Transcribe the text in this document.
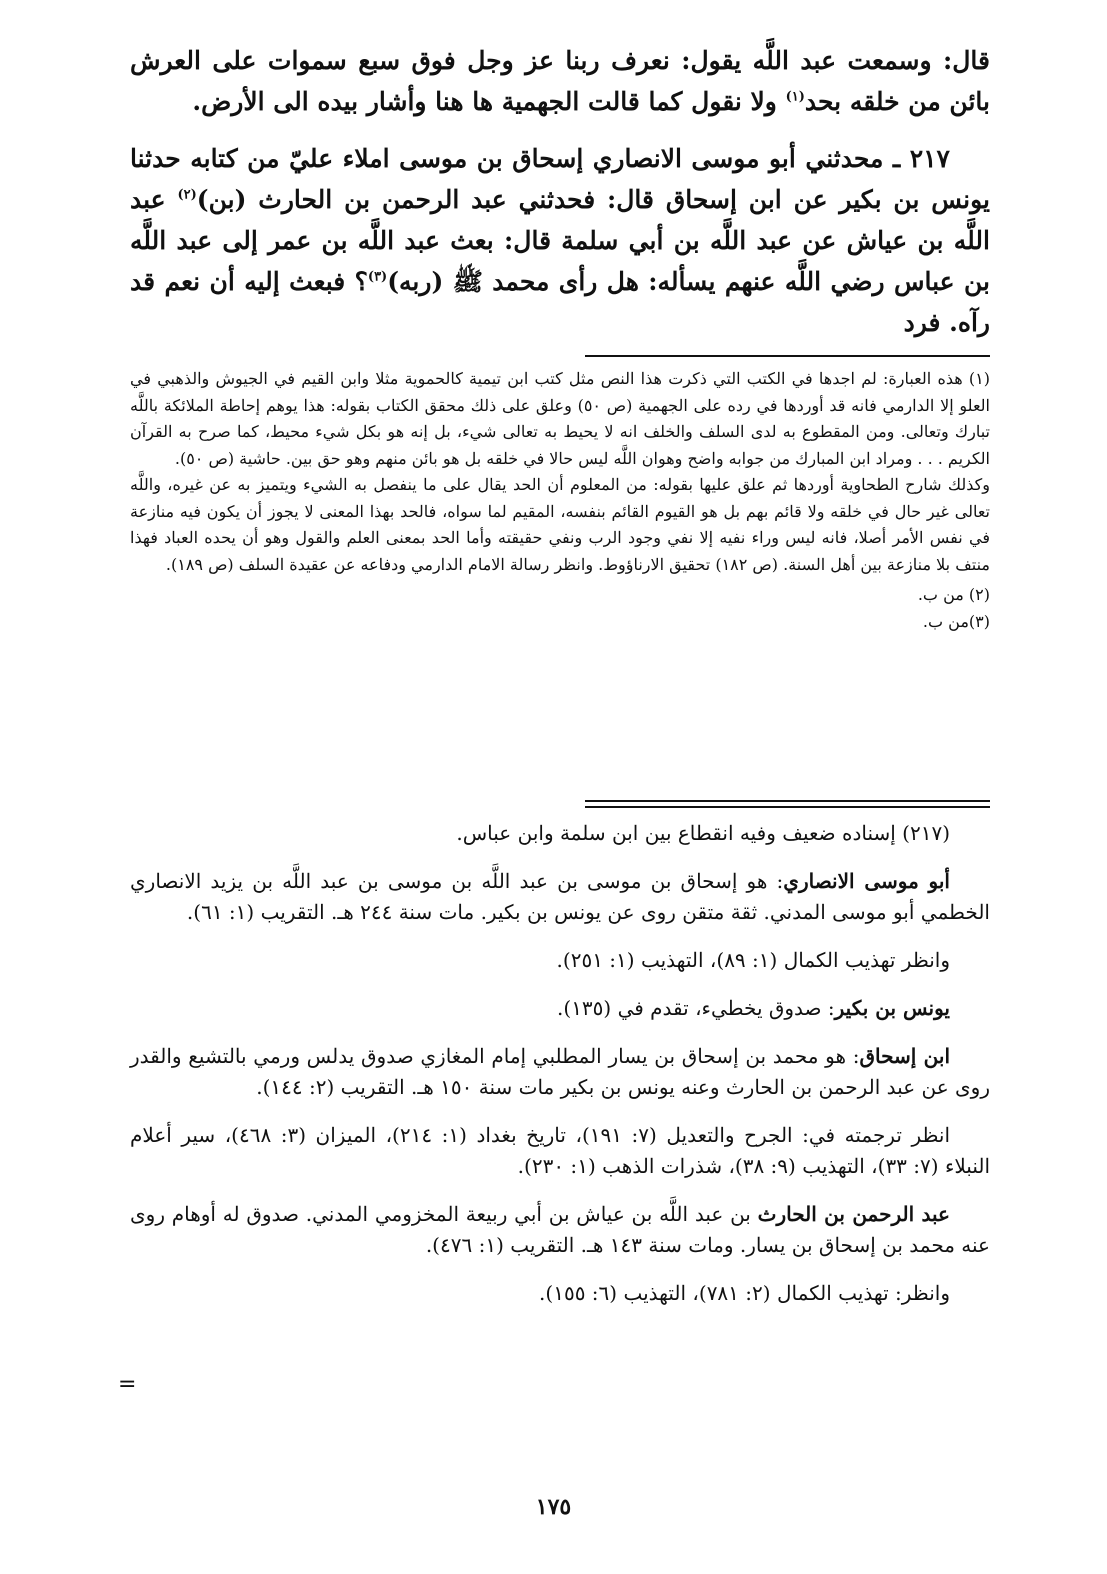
قال: وسمعت عبد اللَّه يقول: نعرف ربنا عز وجل فوق سبع سموات على العرش بائن من خلقه بحد$^{(١)}$ ولا نقول كما قالت الجهمية ها هنا وأشار بيده الى الأرض.

٢١٧ ـ محدثني أبو موسى الانصاري إسحاق بن موسى املاء عليّ من كتابه حدثنا يونس بن بكير عن ابن إسحاق قال: فحدثني عبد الرحمن بن الحارث (بن)$^{(٢)}$ عبد اللَّه بن عياش عن عبد اللَّه بن أبي سلمة قال: بعث عبد اللَّه بن عمر إلى عبد اللَّه بن عباس رضي اللَّه عنهم يسأله: هل رأى محمد ﷺ (ربه)$^{(٣)}$؟ فبعث إليه أن نعم قد رآه. فرد

(١) هذه العبارة: لم اجدها في الكتب التي ذكرت هذا النص مثل كتب ابن تيمية كالحموية مثلا وابن القيم في الجيوش والذهبي في العلو إلا الدارمي فانه قد أوردها في رده على الجهمية (ص ٥٠) وعلق على ذلك محقق الكتاب بقوله: هذا يوهم إحاطة الملائكة باللَّه تبارك وتعالى. ومن المقطوع به لدى السلف والخلف انه لا يحيط به تعالى شيء، بل إنه هو بكل شيء محيط، كما صرح به القرآن الكريم . . . ومراد ابن المبارك من جوابه واضح وهوان اللَّه ليس حالا في خلقه بل هو بائن منهم وهو حق بين. حاشية (ص ٥٠).

وكذلك شارح الطحاوية أوردها ثم علق عليها بقوله: من المعلوم أن الحد يقال على ما ينفصل به الشيء ويتميز به عن غيره، واللَّه تعالى غير حال في خلقه ولا قائم بهم بل هو القيوم القائم بنفسه، المقيم لما سواه، فالحد بهذا المعنى لا يجوز أن يكون فيه منازعة في نفس الأمر أصلا، فانه ليس وراء نفيه إلا نفي وجود الرب ونفي حقيقته وأما الحد بمعنى العلم والقول وهو أن يحده العباد فهذا منتف بلا منازعة بين أهل السنة. (ص ١٨٢) تحقيق الارناؤوط. وانظر رسالة الامام الدارمي ودفاعه عن عقيدة السلف (ص ١٨٩).

(٢) من ب.

(٣)من ب.

(٢١٧) إسناده ضعيف وفيه انقطاع بين ابن سلمة وابن عباس.

أبو موسى الانصاري: هو إسحاق بن موسى بن عبد اللَّه بن موسى بن عبد اللَّه بن يزيد الانصاري الخطمي أبو موسى المدني. ثقة متقن روى عن يونس بن بكير. مات سنة ٢٤٤ هـ. التقريب (١: ٦١).

وانظر تهذيب الكمال (١: ٨٩)، التهذيب (١: ٢٥١).

يونس بن بكير: صدوق يخطيء، تقدم في (١٣٥).

ابن إسحاق: هو محمد بن إسحاق بن يسار المطلبي إمام المغازي صدوق يدلس ورمي بالتشيع والقدر روى عن عبد الرحمن بن الحارث وعنه يونس بن بكير مات سنة ١٥٠ هـ. التقريب (٢: ١٤٤).

انظر ترجمته في: الجرح والتعديل (٧: ١٩١)، تاريخ بغداد (١: ٢١٤)، الميزان (٣: ٤٦٨)، سير أعلام النبلاء (٧: ٣٣)، التهذيب (٩: ٣٨)، شذرات الذهب (١: ٢٣٠).

عبد الرحمن بن الحارث بن عبد اللَّه بن عياش بن أبي ربيعة المخزومي المدني. صدوق له أوهام روى عنه محمد بن إسحاق بن يسار. ومات سنة ١٤٣ هـ. التقريب (١: ٤٧٦).

وانظر: تهذيب الكمال (٢: ٧٨١)، التهذيب (٦: ١٥٥).

=
١٧٥
